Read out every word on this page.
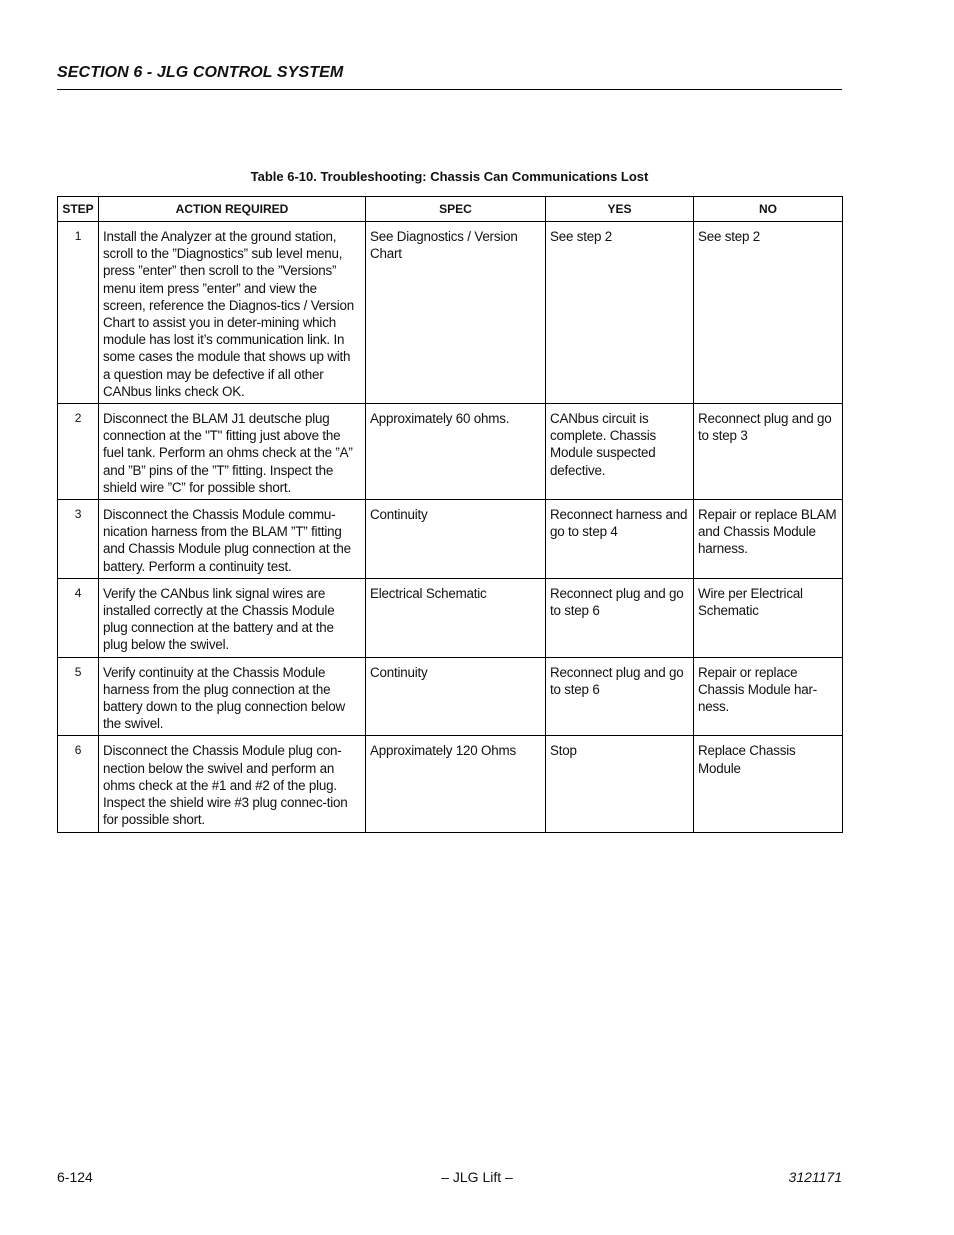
SECTION 6 - JLG CONTROL SYSTEM
Table 6-10. Troubleshooting: Chassis Can Communications Lost
STEP	ACTION REQUIRED	SPEC	YES	NO
1	Install the Analyzer at the ground station, scroll to the ”Diagnostics” sub level menu, press ”enter” then scroll to the ”Versions” menu item press ”enter” and view the screen, reference the Diagnos-tics / Version Chart to assist you in deter-mining which module has lost it’s communication link. In some cases the module that shows up with a question may be defective if all other CANbus links check OK.	See Diagnostics / Version Chart	See step 2	See step 2
2	Disconnect the BLAM J1 deutsche plug connection at the "T" fitting just above the fuel tank. Perform an ohms check at the ”A” and ”B” pins of the ”T” fitting. Inspect the shield wire ”C” for possible short.	Approximately 60 ohms.	CANbus circuit is complete. Chassis Module suspected defective.	Reconnect plug and go to step 3
3	Disconnect the Chassis Module commu-nication harness from the BLAM ”T” fitting and Chassis Module plug connection at the battery. Perform a continuity test.	Continuity	Reconnect harness and go to step 4	Repair or replace BLAM and Chassis Module harness.
4	Verify the CANbus link signal wires are installed correctly at the Chassis Module plug connection at the battery and at the plug below the swivel.	Electrical Schematic	Reconnect plug and go to step 6	Wire per Electrical Schematic
5	Verify continuity at the Chassis Module harness from the plug connection at the battery down to the plug connection below the swivel.	Continuity	Reconnect plug and go to step 6	Repair or replace Chassis Module har-ness.
6	Disconnect the Chassis Module plug con-nection below the swivel and perform an ohms check at the #1 and #2 of the plug. Inspect the shield wire #3 plug connec-tion for possible short.	Approximately 120 Ohms	Stop	Replace Chassis Module
6-124	– JLG Lift –	3121171
